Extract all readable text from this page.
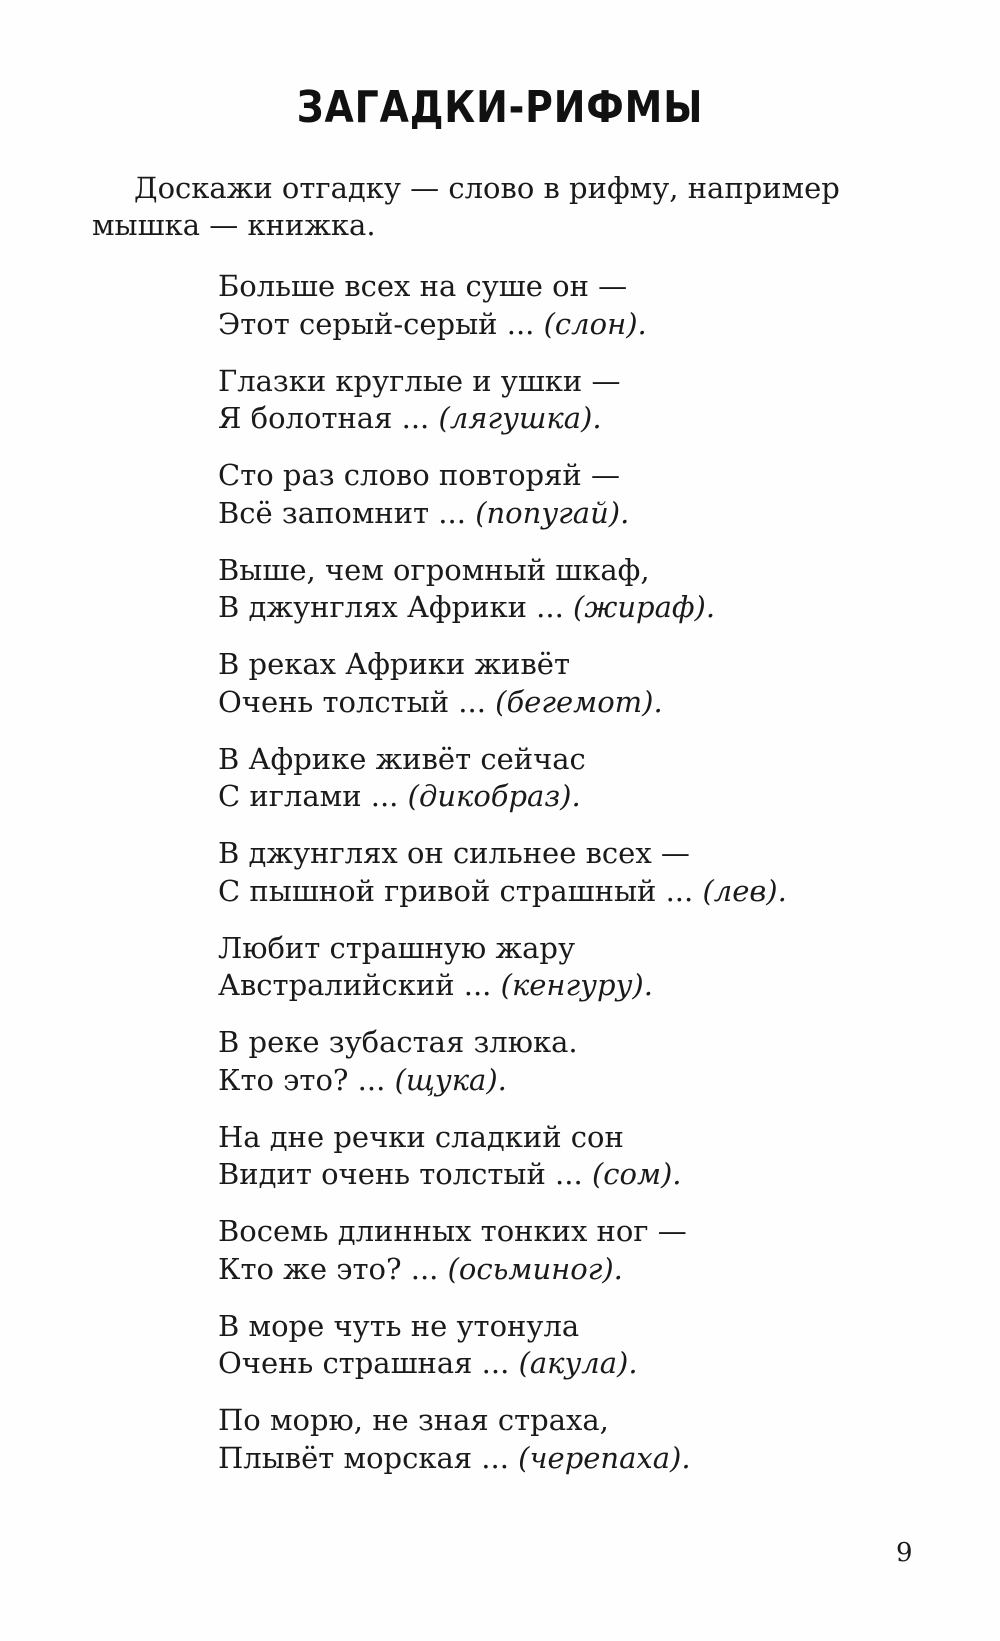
ЗАГАДКИ-РИФМЫ

Доскажи отгадку — слово в рифму, например мышка — книжка.

Больше всех на суше он —
Этот серый-серый ... (слон).
Глазки круглые и ушки —
Я болотная ... (лягушка).
Сто раз слово повторяй —
Всё запомнит ... (попугай).
Выше, чем огромный шкаф,
В джунглях Африки ... (жираф).
В реках Африки живёт
Очень толстый ... (бегемот).
В Африке живёт сейчас
С иглами ... (дикобраз).
В джунглях он сильнее всех —
С пышной гривой страшный ... (лев).
Любит страшную жару
Австралийский ... (кенгуру).
В реке зубастая злюка.
Кто это? ... (щука).
На дне речки сладкий сон
Видит очень толстый ... (сом).
Восемь длинных тонких ног —
Кто же это? ... (осьминог).
В море чуть не утонула
Очень страшная ... (акула).
По морю, не зная страха,
Плывёт морская ... (черепаха).
9
